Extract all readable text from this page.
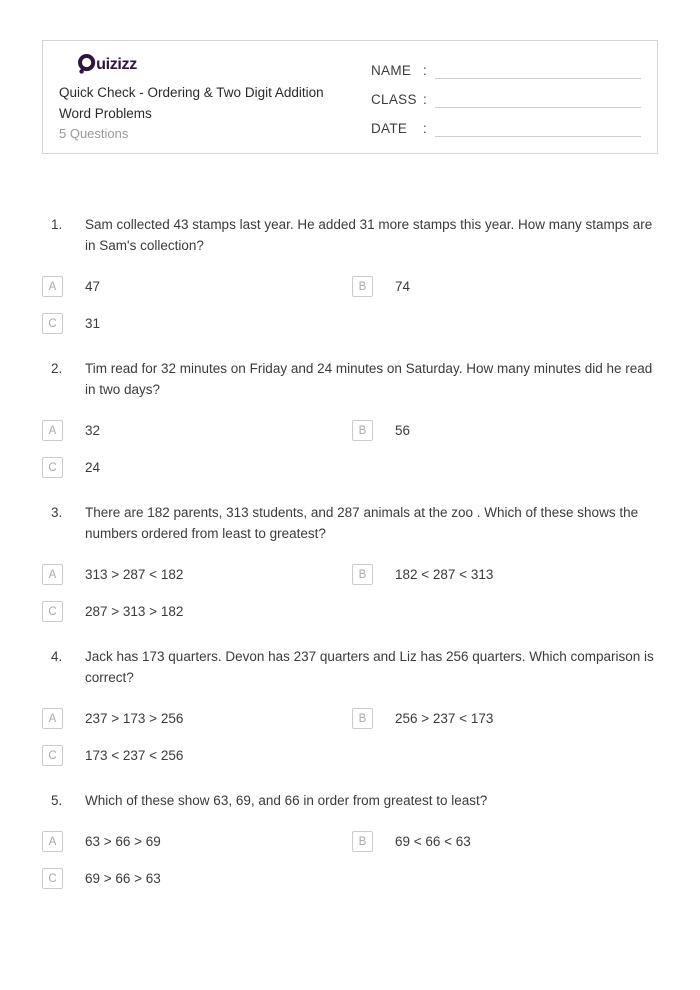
uizizz
Quick Check - Ordering & Two Digit Addition Word Problems
5 Questions
NAME :
CLASS :
DATE :
1.	Sam collected 43 stamps last year. He added 31 more stamps this year. How many stamps are in Sam's collection?
A	47	B	74
C	31
2.	Tim read for 32 minutes on Friday and 24 minutes on Saturday. How many minutes did he read in two days?
A	32	B	56
C	24
3.	There are 182 parents, 313 students, and 287 animals at the zoo . Which of these shows the numbers ordered from least to greatest?
A	313 > 287 < 182	B	182 < 287 < 313
C	287 > 313 > 182
4.	Jack has 173 quarters. Devon has 237 quarters and Liz has 256 quarters. Which comparison is correct?
A	237 > 173 > 256	B	256 > 237 < 173
C	173 < 237 < 256
5.	Which of these show 63, 69, and 66 in order from greatest to least?
A	63 > 66 > 69	B	69 < 66 < 63
C	69 > 66 > 63
